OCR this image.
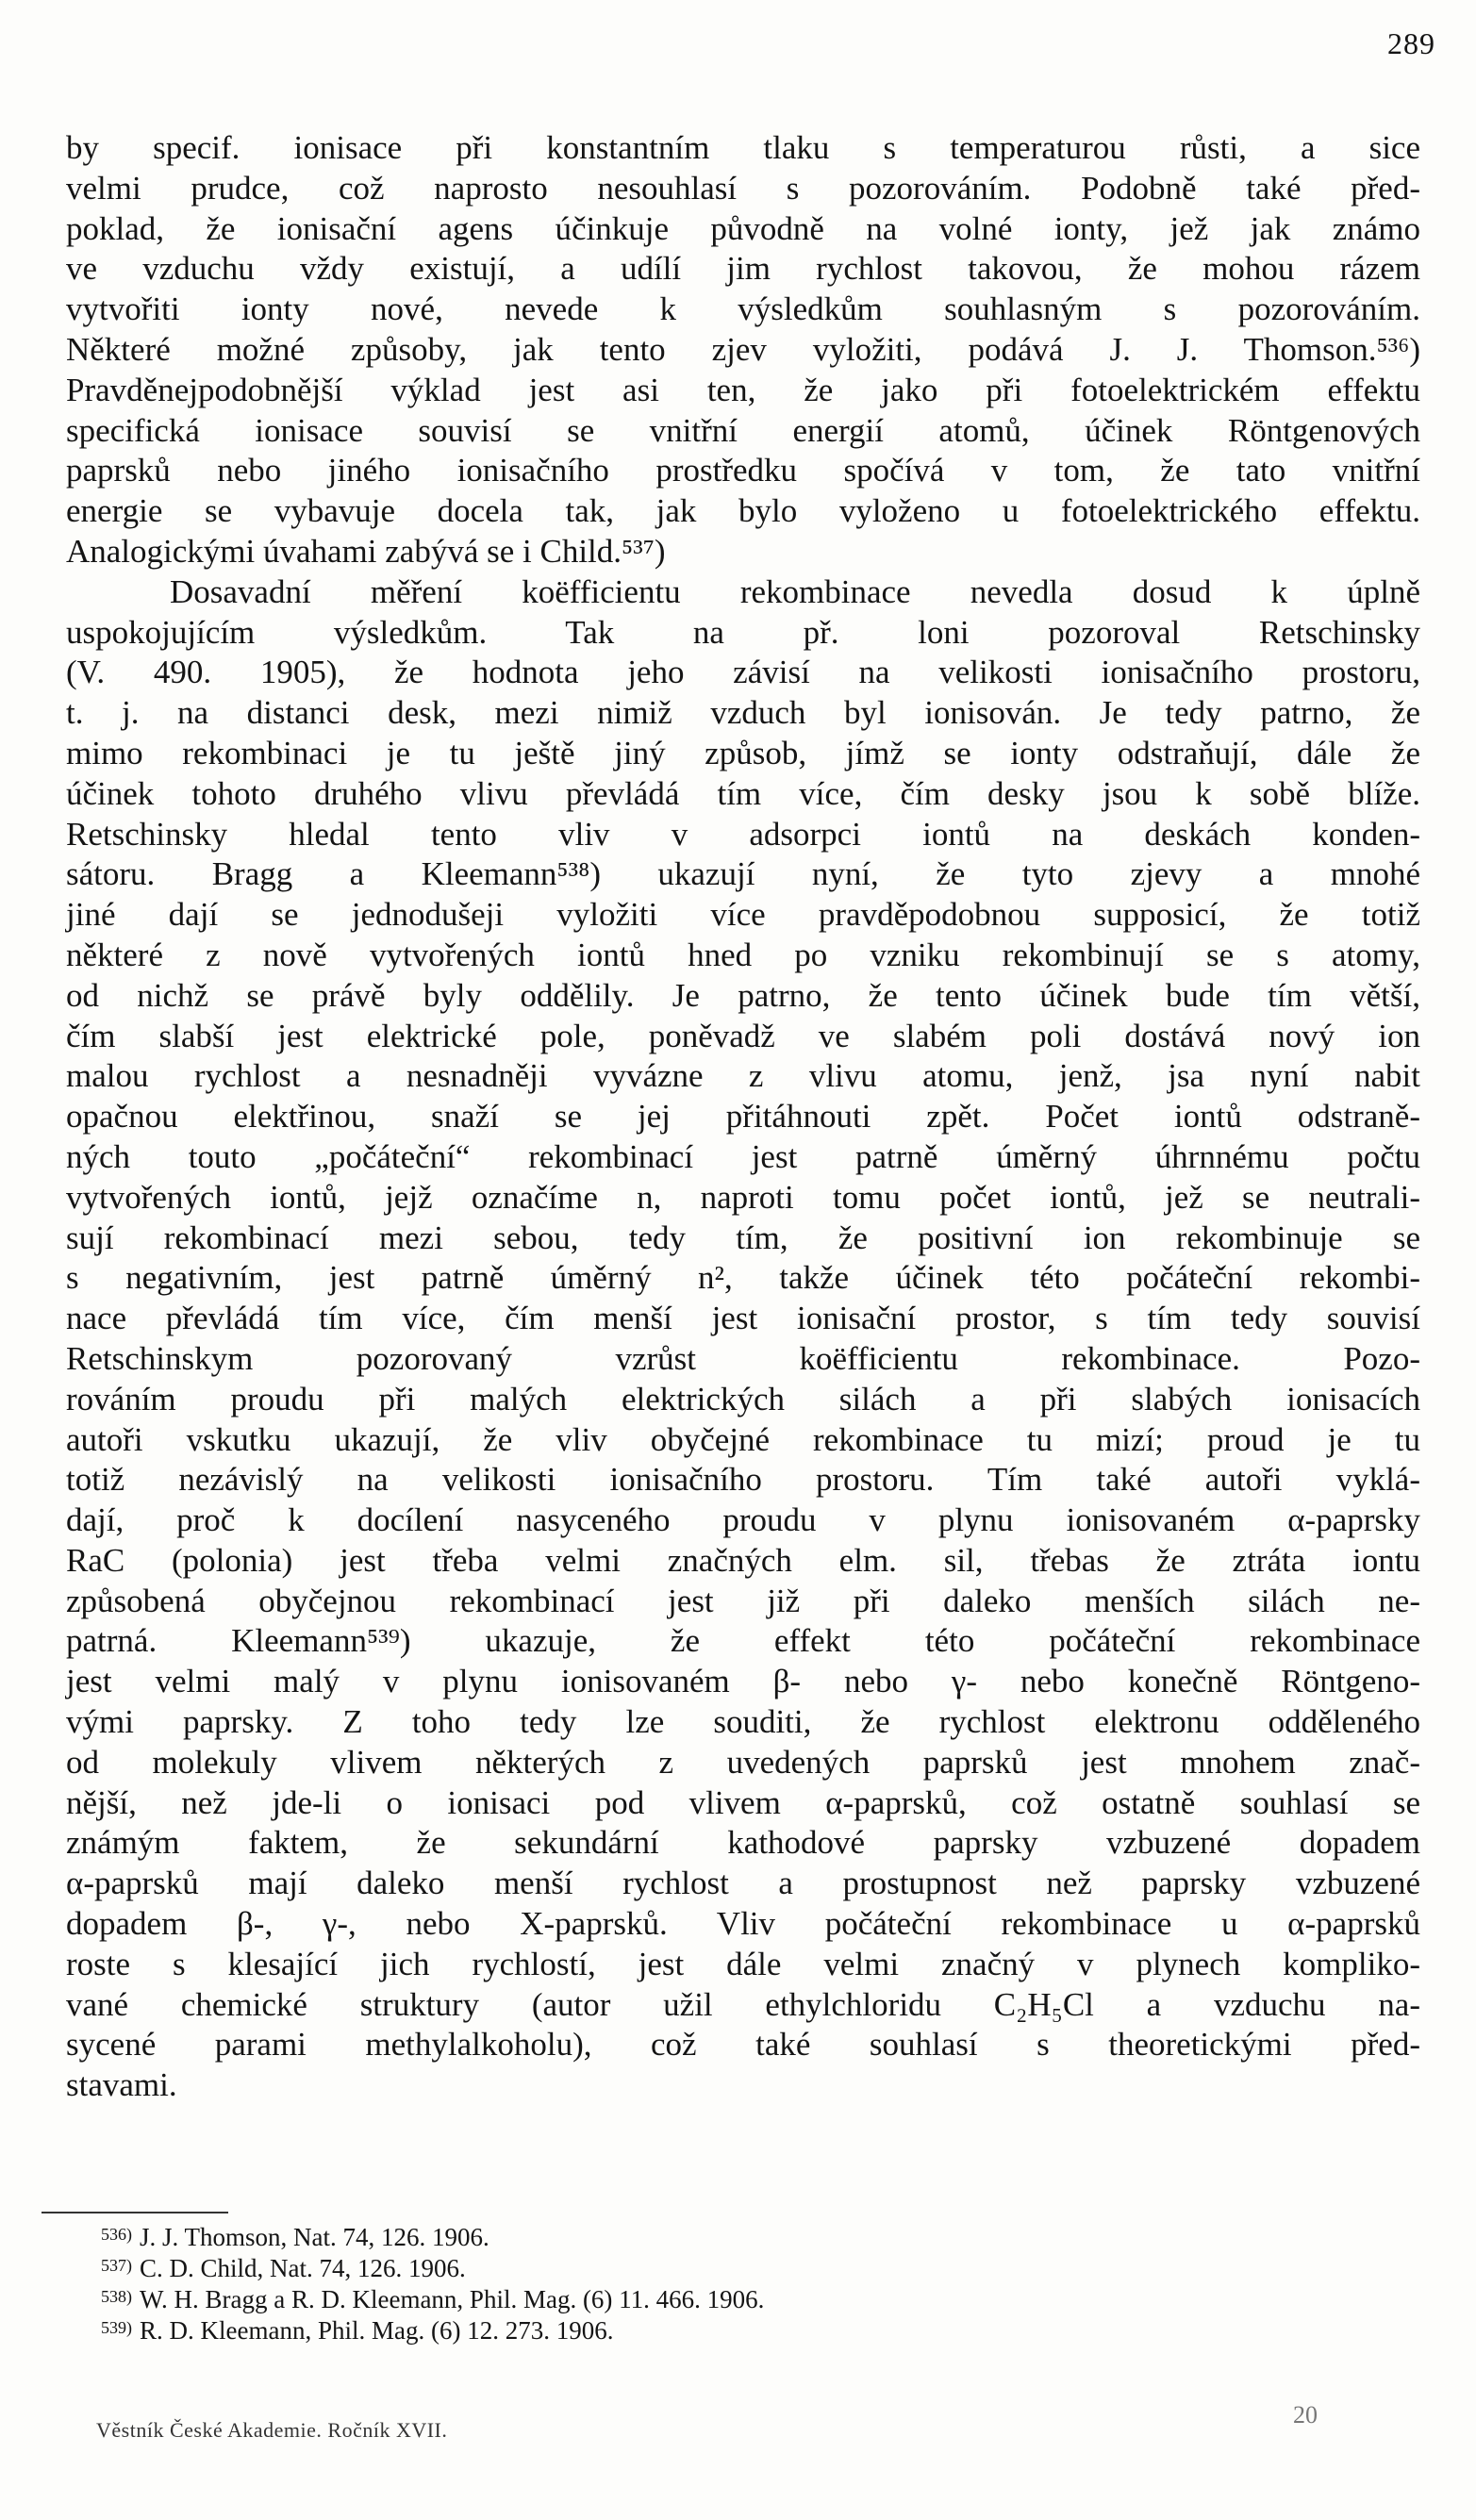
289
by specif. ionisace při konstantním tlaku s temperaturou růsti, a sice
velmi prudce, což naprosto nesouhlasí s pozorováním. Podobně také před-
poklad, že ionisační agens účinkuje původně na volné ionty, jež jak známo
ve vzduchu vždy existují, a udílí jim rychlost takovou, že mohou rázem
vytvořiti ionty nové, nevede k výsledkům souhlasným s pozorováním.
Některé možné způsoby, jak tento zjev vyložiti, podává J. J. Thomson.⁵³⁶)
Pravděnejpodobnější výklad jest asi ten, že jako při fotoelektrickém effektu
specifická ionisace souvisí se vnitřní energií atomů, účinek Röntgenových
paprsků nebo jiného ionisačního prostředku spočívá v tom, že tato vnitřní
energie se vybavuje docela tak, jak bylo vyloženo u fotoelektrického effektu.
Analogickými úvahami zabývá se i Child.⁵³⁷)
Dosavadní měření koëfficientu rekombinace nevedla dosud k úplně
uspokojujícím výsledkům. Tak na př. loni pozoroval Retschinsky
(V. 490. 1905), že hodnota jeho závisí na velikosti ionisačního prostoru,
t. j. na distanci desk, mezi nimiž vzduch byl ionisován. Je tedy patrno, že
mimo rekombinaci je tu ještě jiný způsob, jímž se ionty odstraňují, dále že
účinek tohoto druhého vlivu převládá tím více, čím desky jsou k sobě blíže.
Retschinsky hledal tento vliv v adsorpci iontů na deskách konden-
sátoru. Bragg a Kleemann⁵³⁸) ukazují nyní, že tyto zjevy a mnohé
jiné dají se jednodušeji vyložiti více pravděpodobnou supposicí, že totiž
některé z nově vytvořených iontů hned po vzniku rekombinují se s atomy,
od nichž se právě byly oddělily. Je patrno, že tento účinek bude tím větší,
čím slabší jest elektrické pole, poněvadž ve slabém poli dostává nový ion
malou rychlost a nesnadněji vyvázne z vlivu atomu, jenž, jsa nyní nabit
opačnou elektřinou, snaží se jej přitáhnouti zpět. Počet iontů odstraně-
ných touto „počáteční“ rekombinací jest patrně úměrný úhrnnému počtu
vytvořených iontů, jejž označíme n, naproti tomu počet iontů, jež se neutrali-
sují rekombinací mezi sebou, tedy tím, že positivní ion rekombinuje se
s negativním, jest patrně úměrný n², takže účinek této počáteční rekombi-
nace převládá tím více, čím menší jest ionisační prostor, s tím tedy souvisí
Retschinskym pozorovaný vzrůst koëfficientu rekombinace. Pozo-
rováním proudu při malých elektrických silách a při slabých ionisacích
autoři vskutku ukazují, že vliv obyčejné rekombinace tu mizí; proud je tu
totiž nezávislý na velikosti ionisačního prostoru. Tím také autoři vyklá-
dají, proč k docílení nasyceného proudu v plynu ionisovaném α-paprsky
RaC (polonia) jest třeba velmi značných elm. sil, třebas že ztráta iontu
způsobená obyčejnou rekombinací jest již při daleko menších silách ne-
patrná. Kleemann⁵³⁹) ukazuje, že effekt této počáteční rekombinace
jest velmi malý v plynu ionisovaném β- nebo γ- nebo konečně Röntgeno-
vými paprsky. Z toho tedy lze souditi, že rychlost elektronu odděleného
od molekuly vlivem některých z uvedených paprsků jest mnohem znač-
nější, než jde-li o ionisaci pod vlivem α-paprsků, což ostatně souhlasí se
známým faktem, že sekundární kathodové paprsky vzbuzené dopadem
α-paprsků mají daleko menší rychlost a prostupnost než paprsky vzbuzené
dopadem β-, γ-, nebo X-paprsků. Vliv počáteční rekombinace u α-paprsků
roste s klesající jich rychlostí, jest dále velmi značný v plynech kompliko-
vané chemické struktury (autor užil ethylchloridu C₂H₅Cl a vzduchu na-
sycené parami methylalkoholu), což také souhlasí s theoretickými před-
stavami.
536) J. J. Thomson, Nat. 74, 126. 1906.
537) C. D. Child, Nat. 74, 126. 1906.
538) W. H. Bragg a R. D. Kleemann, Phil. Mag. (6) 11. 466. 1906.
539) R. D. Kleemann, Phil. Mag. (6) 12. 273. 1906.
Věstník České Akademie. Ročník XVII.
20
